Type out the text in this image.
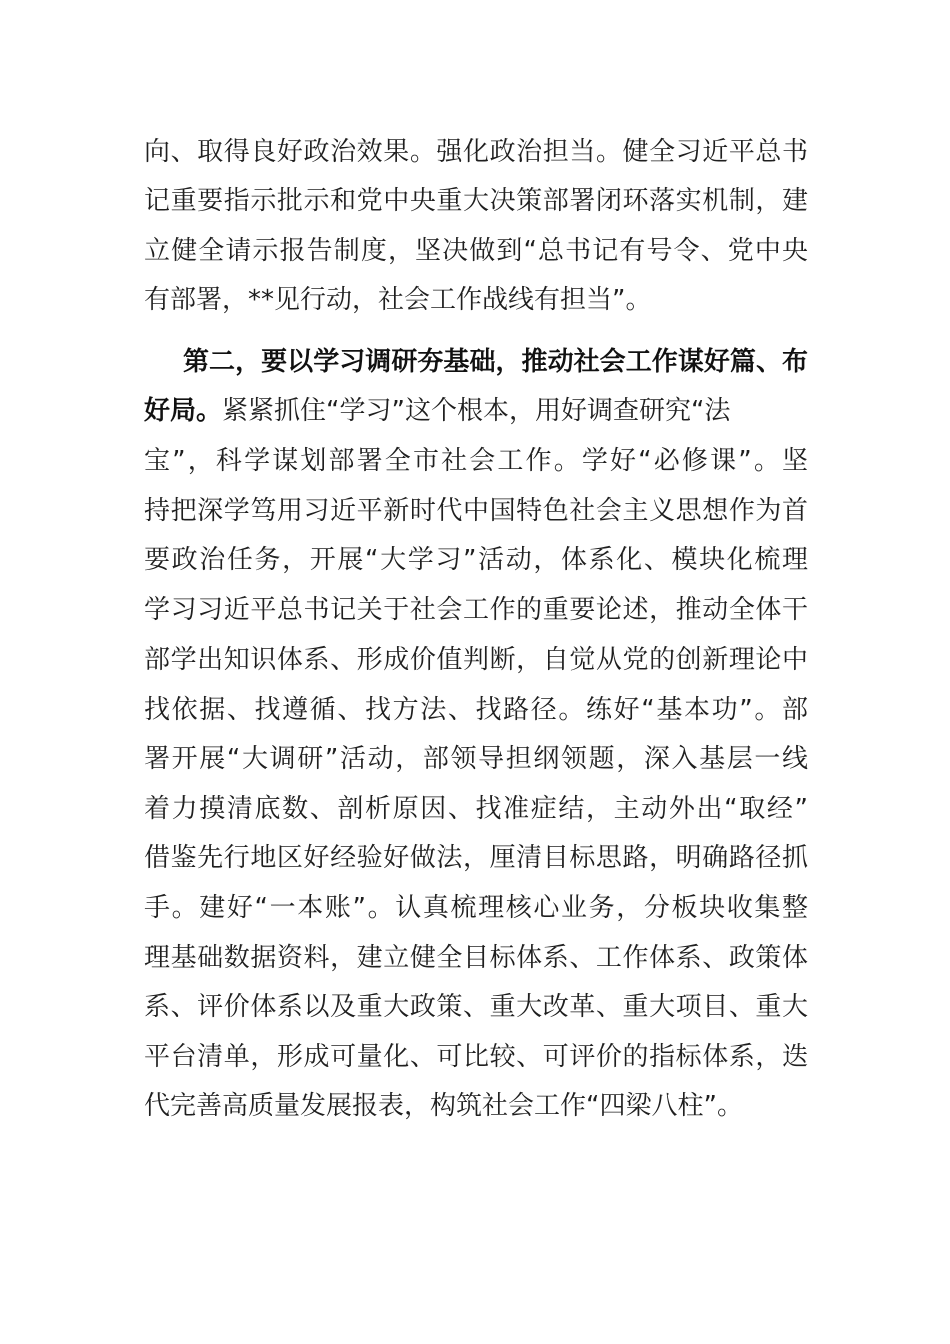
向、取得良好政治效果。强化政治担当。健全习近平总书
记重要指示批示和党中央重大决策部署闭环落实机制，建
立健全请示报告制度，坚决做到“总书记有号令、党中央
有部署，**见行动，社会工作战线有担当”。
第二，要以学习调研夯基础，推动社会工作谋好篇、布
好局。紧紧抓住“学习”这个根本，用好调查研究“法
宝”，科学谋划部署全市社会工作。学好“必修课”。坚
持把深学笃用习近平新时代中国特色社会主义思想作为首
要政治任务，开展“大学习”活动，体系化、模块化梳理
学习习近平总书记关于社会工作的重要论述，推动全体干
部学出知识体系、形成价值判断，自觉从党的创新理论中
找依据、找遵循、找方法、找路径。练好“基本功”。部
署开展“大调研”活动，部领导担纲领题，深入基层一线
着力摸清底数、剖析原因、找准症结，主动外出“取经”
借鉴先行地区好经验好做法，厘清目标思路，明确路径抓
手。建好“一本账”。认真梳理核心业务，分板块收集整
理基础数据资料，建立健全目标体系、工作体系、政策体
系、评价体系以及重大政策、重大改革、重大项目、重大
平台清单，形成可量化、可比较、可评价的指标体系，迭
代完善高质量发展报表，构筑社会工作“四梁八柱”。
